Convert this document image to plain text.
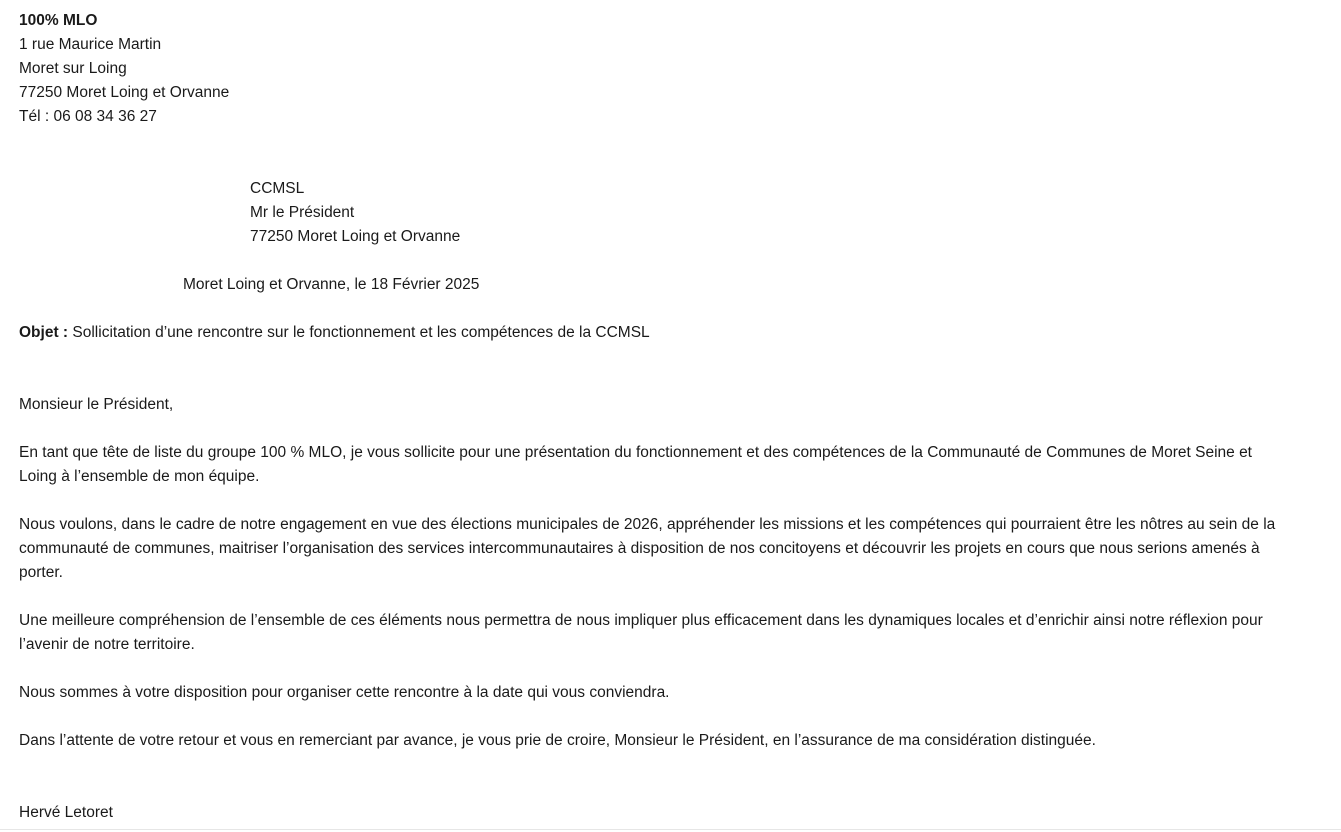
100% MLO
1 rue Maurice Martin
Moret sur Loing
77250 Moret Loing et Orvanne
Tél : 06 08 34 36 27
CCMSL
Mr le Président
77250 Moret Loing et Orvanne
Moret Loing et Orvanne, le 18 Février 2025
Objet : Sollicitation d’une rencontre sur le fonctionnement et les compétences de la CCMSL
Monsieur le Président,
En tant que tête de liste du groupe 100 % MLO, je vous sollicite pour une présentation du fonctionnement et des compétences de la Communauté de Communes de Moret Seine et
Loing à l’ensemble de mon équipe.
Nous voulons, dans le cadre de notre engagement en vue des élections municipales de 2026, appréhender les missions et les compétences qui pourraient être les nôtres au sein de la
communauté de communes, maitriser l’organisation des services intercommunautaires à disposition de nos concitoyens et découvrir les projets en cours que nous serions amenés à
porter.
Une meilleure compréhension de l’ensemble de ces éléments nous permettra de nous impliquer plus efficacement dans les dynamiques locales et d’enrichir ainsi notre réflexion pour
l’avenir de notre territoire.
Nous sommes à votre disposition pour organiser cette rencontre à la date qui vous conviendra.
Dans l’attente de votre retour et vous en remerciant par avance, je vous prie de croire, Monsieur le Président, en l’assurance de ma considération distinguée.
Hervé Letoret
